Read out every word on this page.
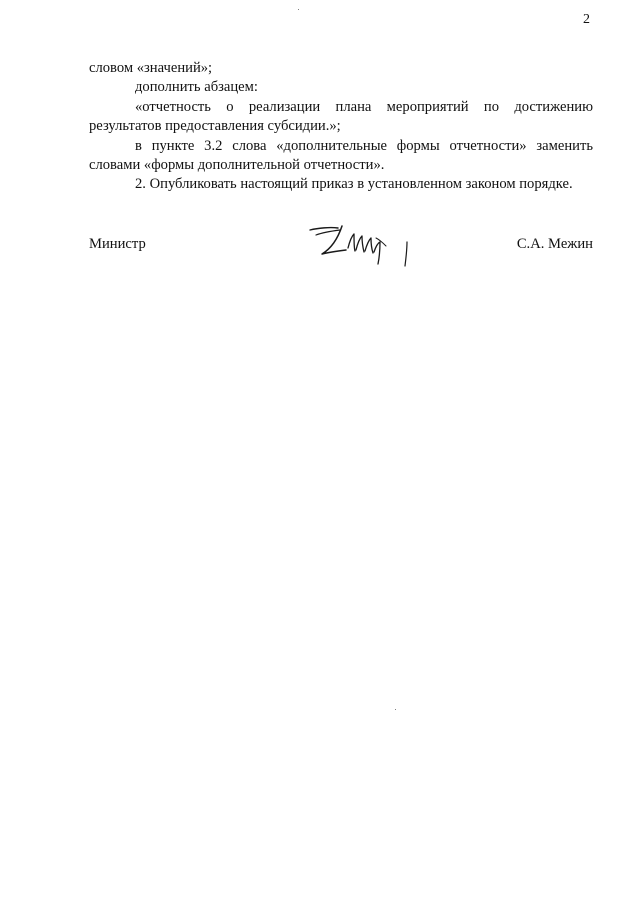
2

словом «значений»;

дополнить абзацем:

«отчетность о реализации плана мероприятий по достижению результатов предоставления субсидии.»;

в пункте 3.2 слова «дополнительные формы отчетности» заменить словами «формы дополнительной отчетности».

2. Опубликовать настоящий приказ в установленном законом порядке.

Министр	С.А. Межин
